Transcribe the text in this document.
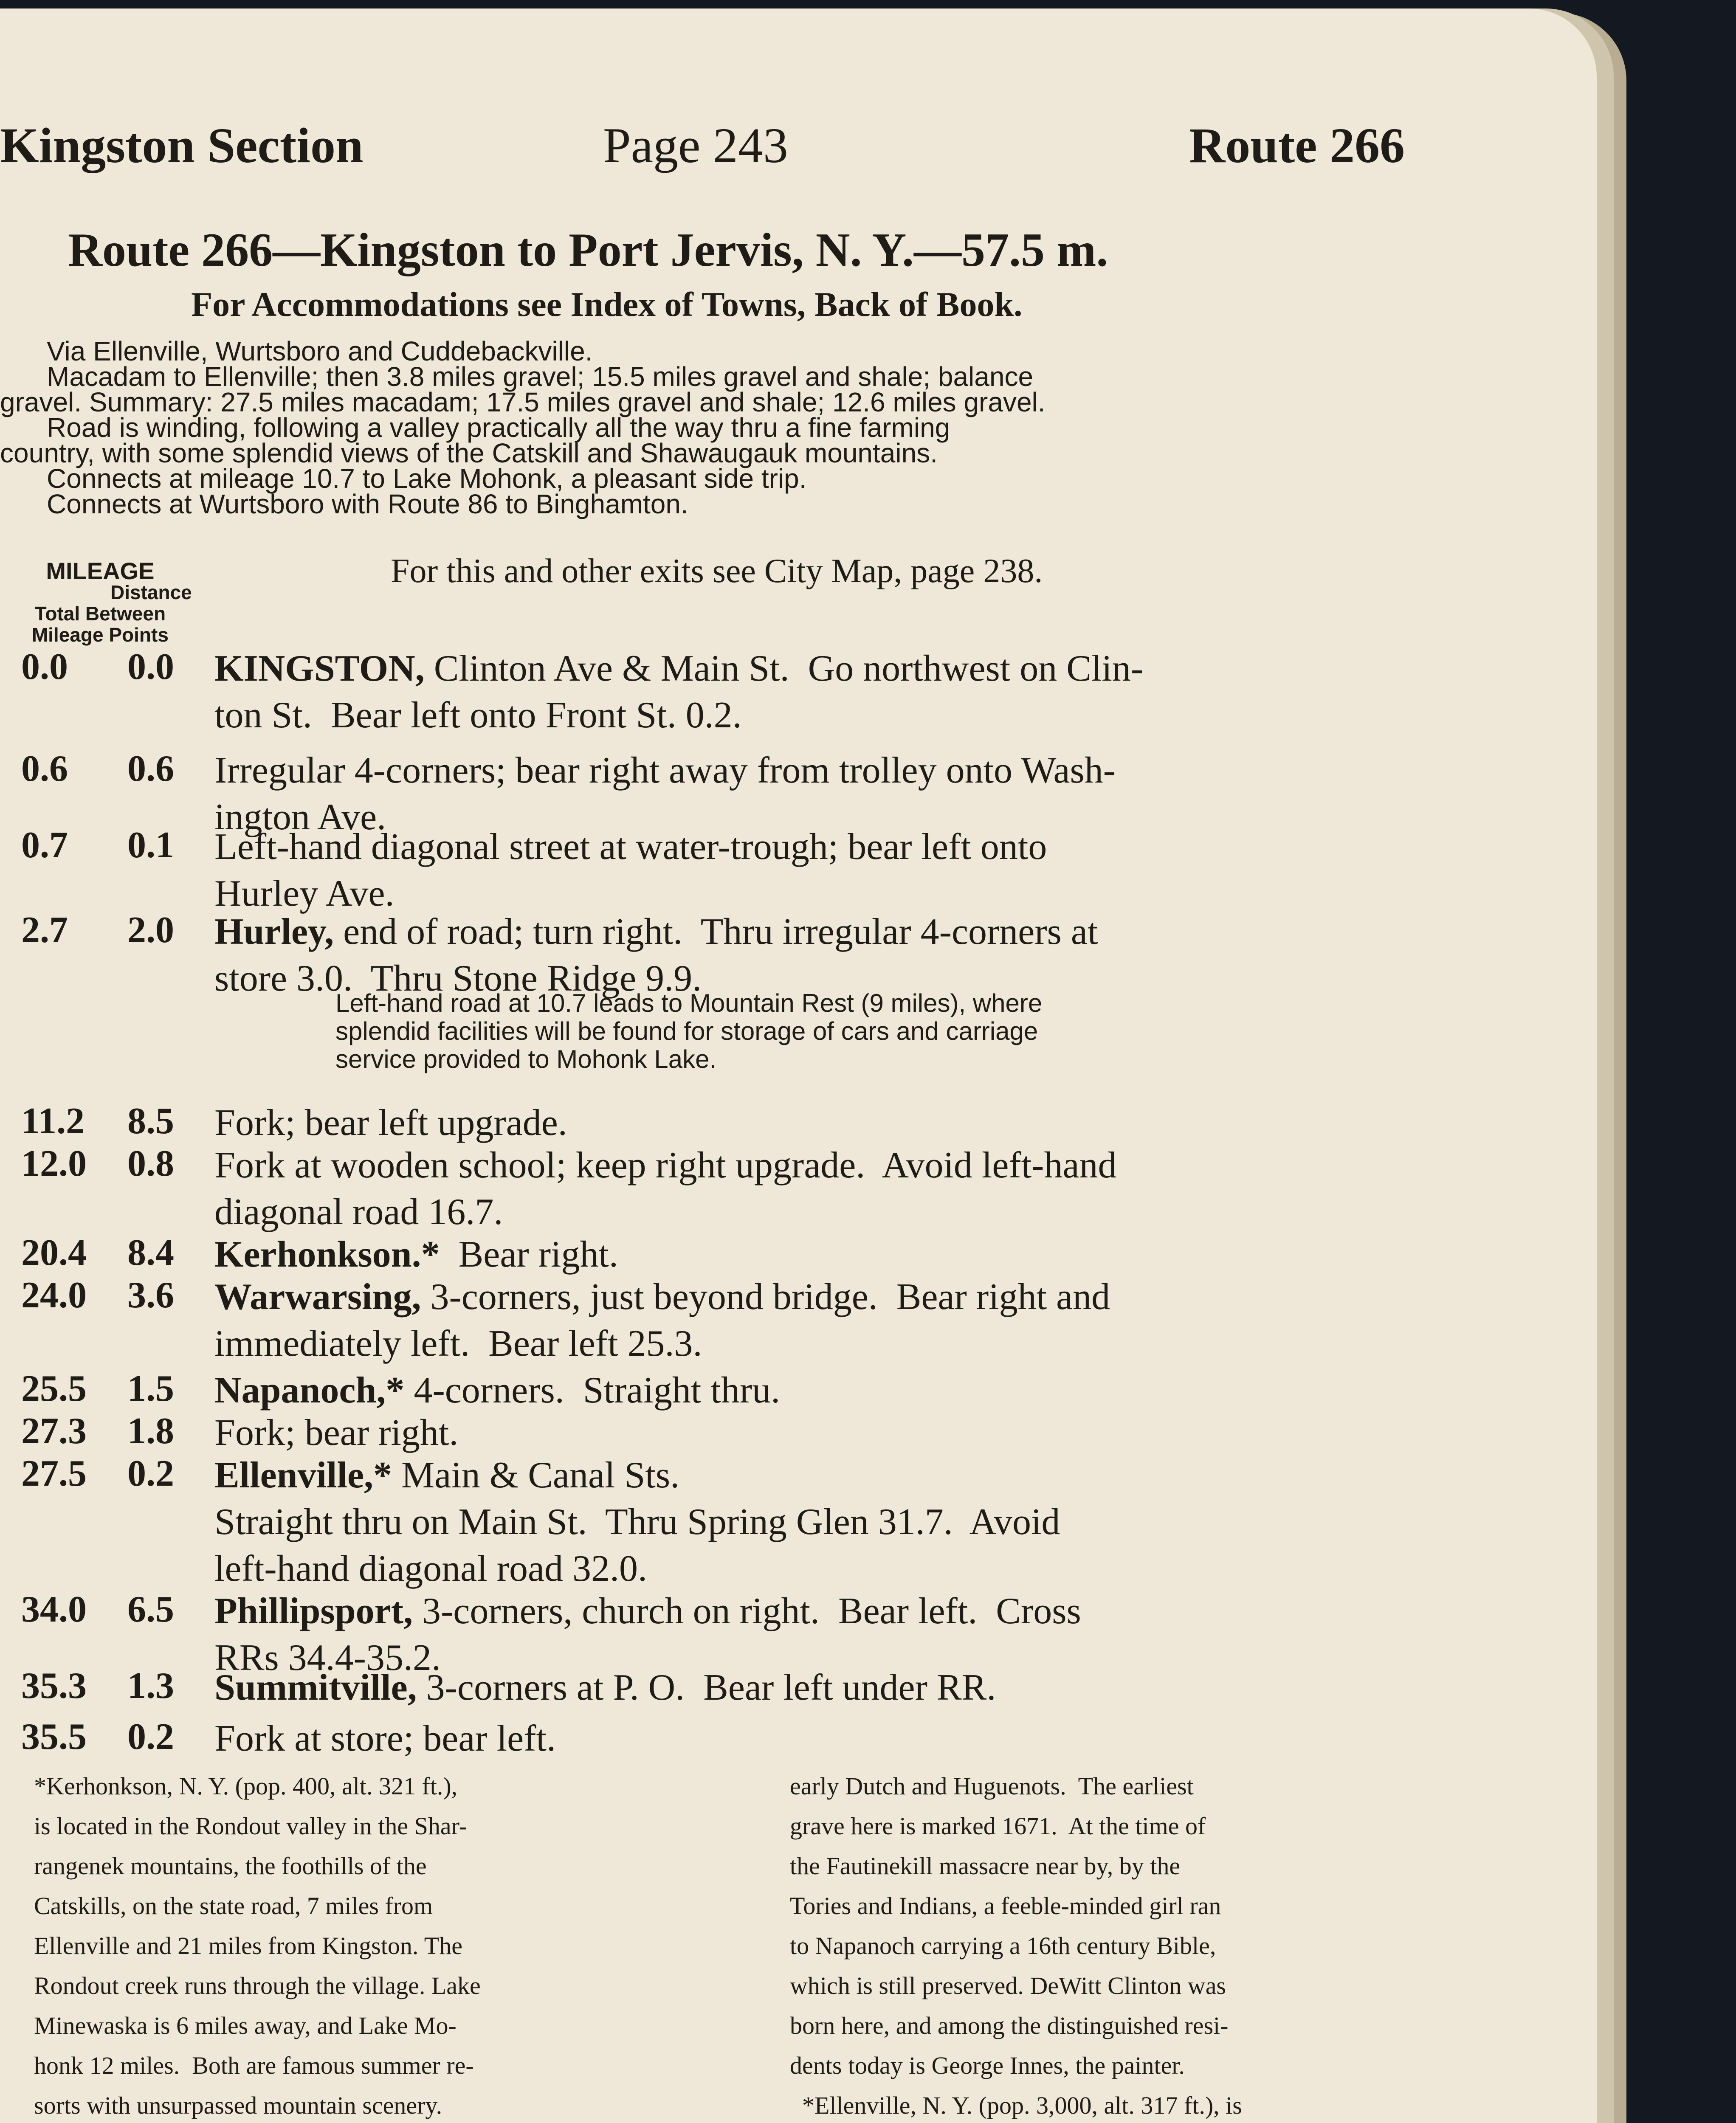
Kingston Section	Page 243	Route 266
Route 266—Kingston to Port Jervis, N. Y.—57.5 m.
For Accommodations see Index of Towns, Back of Book.
Via Ellenville, Wurtsboro and Cuddebackville.
Macadam to Ellenville; then 3.8 miles gravel; 15.5 miles gravel and shale; balance
gravel. Summary: 27.5 miles macadam; 17.5 miles gravel and shale; 12.6 miles gravel.
Road is winding, following a valley practically all the way thru a fine farming
country, with some splendid views of the Catskill and Shawaugauk mountains.
Connects at mileage 10.7 to Lake Mohonk, a pleasant side trip.
Connects at Wurtsboro with Route 86 to Binghamton.
MILEAGE
Distance
Total Between
Mileage Points
For this and other exits see City Map, page 238.
0.0 0.0 KINGSTON, Clinton Ave & Main St.  Go northwest on Clin-
ton St.  Bear left onto Front St. 0.2.
0.6 0.6 Irregular 4-corners; bear right away from trolley onto Wash-
ington Ave.
0.7 0.1 Left-hand diagonal street at water-trough; bear left onto
Hurley Ave.
2.7 2.0 Hurley, end of road; turn right.  Thru irregular 4-corners at
store 3.0.  Thru Stone Ridge 9.9.
11.2 8.5 Fork; bear left upgrade.
12.0 0.8 Fork at wooden school; keep right upgrade.  Avoid left-hand
diagonal road 16.7.
20.4 8.4 Kerhonkson.*  Bear right.
24.0 3.6 Warwarsing, 3-corners, just beyond bridge.  Bear right and
immediately left.  Bear left 25.3.
25.5 1.5 Napanoch,* 4-corners.  Straight thru.
27.3 1.8 Fork; bear right.
27.5 0.2 Ellenville,* Main & Canal Sts.
Straight thru on Main St.  Thru Spring Glen 31.7.  Avoid
left-hand diagonal road 32.0.
34.0 6.5 Phillipsport, 3-corners, church on right.  Bear left.  Cross
RRs 34.4-35.2.
35.3 1.3 Summitville, 3-corners at P. O.  Bear left under RR.
35.5 0.2 Fork at store; bear left.
Left-hand road at 10.7 leads to Mountain Rest (9 miles), where
splendid facilities will be found for storage of cars and carriage
service provided to Mohonk Lake.
*Kerhonkson, N. Y. (pop. 400, alt. 321 ft.),
is located in the Rondout valley in the Shar-
rangenek mountains, the foothills of the
Catskills, on the state road, 7 miles from
Ellenville and 21 miles from Kingston. The
Rondout creek runs through the village. Lake
Minewaska is 6 miles away, and Lake Mo-
honk 12 miles.  Both are famous summer re-
sorts with unsurpassed mountain scenery.

early Dutch and Huguenots.  The earliest
grave here is marked 1671.  At the time of
the Fautinekill massacre near by, by the
Tories and Indians, a feeble-minded girl ran
to Napanoch carrying a 16th century Bible,
which is still preserved. DeWitt Clinton was
born here, and among the distinguished resi-
dents today is George Innes, the painter.
*Ellenville, N. Y. (pop. 3,000, alt. 317 ft.), is
